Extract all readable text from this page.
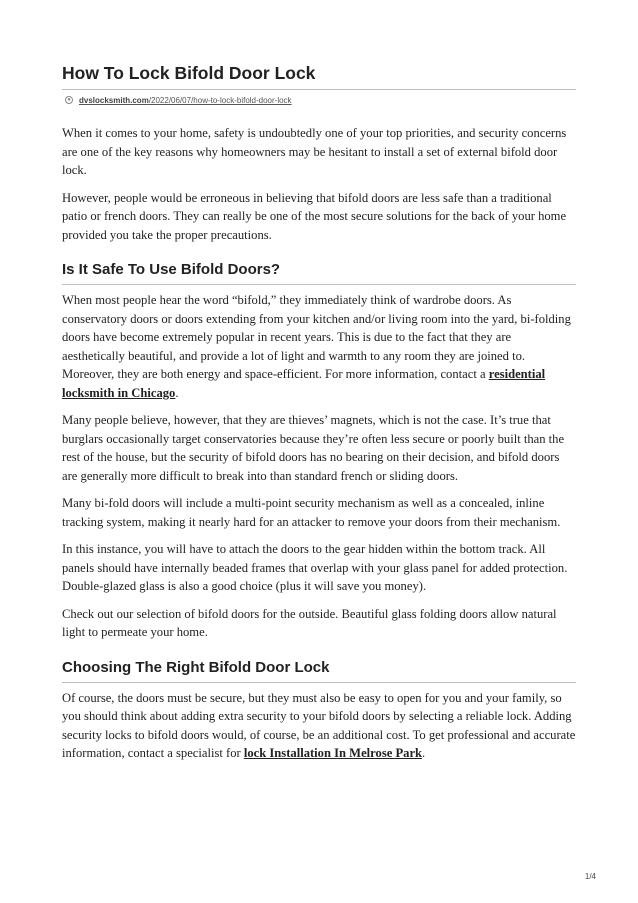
How To Lock Bifold Door Lock
● dvslocksmith.com/2022/06/07/how-to-lock-bifold-door-lock

When it comes to your home, safety is undoubtedly one of your top priorities, and security concerns are one of the key reasons why homeowners may be hesitant to install a set of external bifold door lock.

However, people would be erroneous in believing that bifold doors are less safe than a traditional patio or french doors. They can really be one of the most secure solutions for the back of your home provided you take the proper precautions.

Is It Safe To Use Bifold Doors?

When most people hear the word “bifold,” they immediately think of wardrobe doors. As conservatory doors or doors extending from your kitchen and/or living room into the yard, bi-folding doors have become extremely popular in recent years. This is due to the fact that they are aesthetically beautiful, and provide a lot of light and warmth to any room they are joined to. Moreover, they are both energy and space-efficient. For more information, contact a residential locksmith in Chicago.

Many people believe, however, that they are thieves’ magnets, which is not the case. It’s true that burglars occasionally target conservatories because they’re often less secure or poorly built than the rest of the house, but the security of bifold doors has no bearing on their decision, and bifold doors are generally more difficult to break into than standard french or sliding doors.

Many bi-fold doors will include a multi-point security mechanism as well as a concealed, inline tracking system, making it nearly hard for an attacker to remove your doors from their mechanism.

In this instance, you will have to attach the doors to the gear hidden within the bottom track. All panels should have internally beaded frames that overlap with your glass panel for added protection. Double-glazed glass is also a good choice (plus it will save you money).

Check out our selection of bifold doors for the outside. Beautiful glass folding doors allow natural light to permeate your home.

Choosing The Right Bifold Door Lock

Of course, the doors must be secure, but they must also be easy to open for you and your family, so you should think about adding extra security to your bifold doors by selecting a reliable lock. Adding security locks to bifold doors would, of course, be an additional cost. To get professional and accurate information, contact a specialist for lock Installation In Melrose Park.

1/4
